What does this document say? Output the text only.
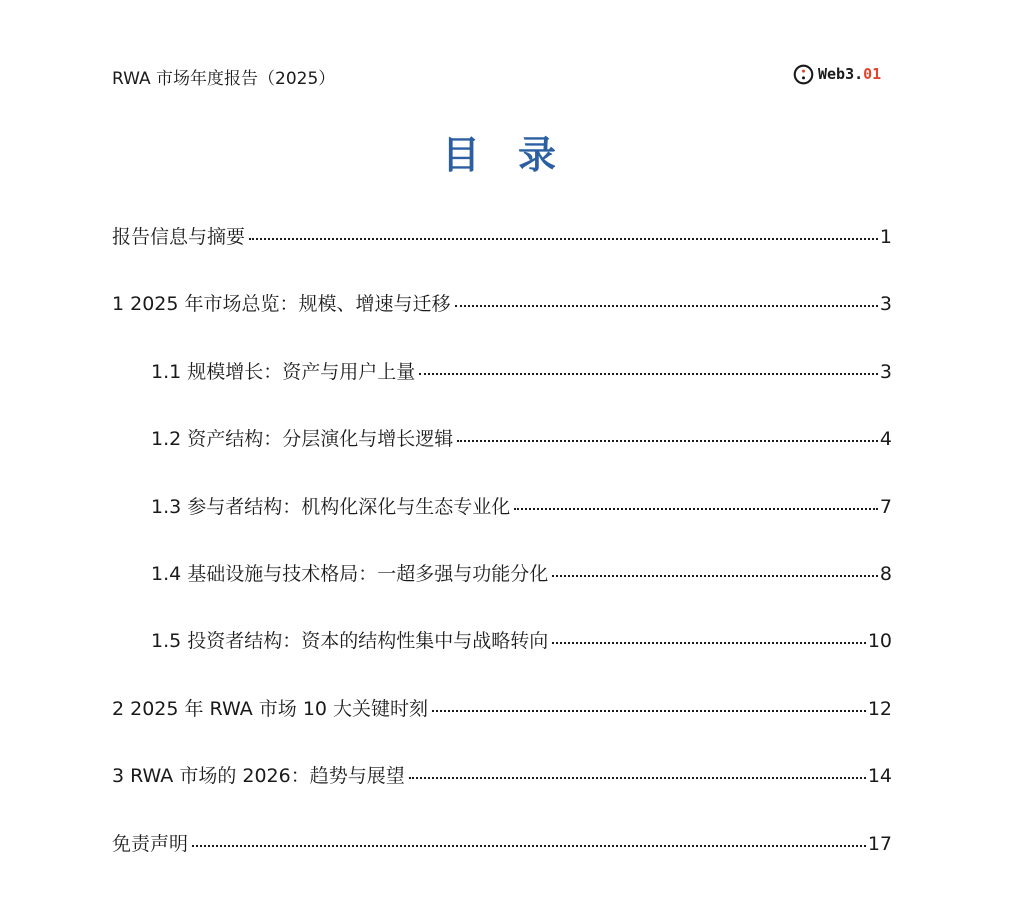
RWA 市场年度报告（2025）	Web3.01
目录
报告信息与摘要	1
1 2025 年市场总览：规模、增速与迁移	3
1.1 规模增长：资产与用户上量	3
1.2 资产结构：分层演化与增长逻辑	4
1.3 参与者结构：机构化深化与生态专业化	7
1.4 基础设施与技术格局：一超多强与功能分化	8
1.5 投资者结构：资本的结构性集中与战略转向	10
2 2025 年 RWA 市场 10 大关键时刻	12
3 RWA 市场的 2026：趋势与展望	14
免责声明	17
